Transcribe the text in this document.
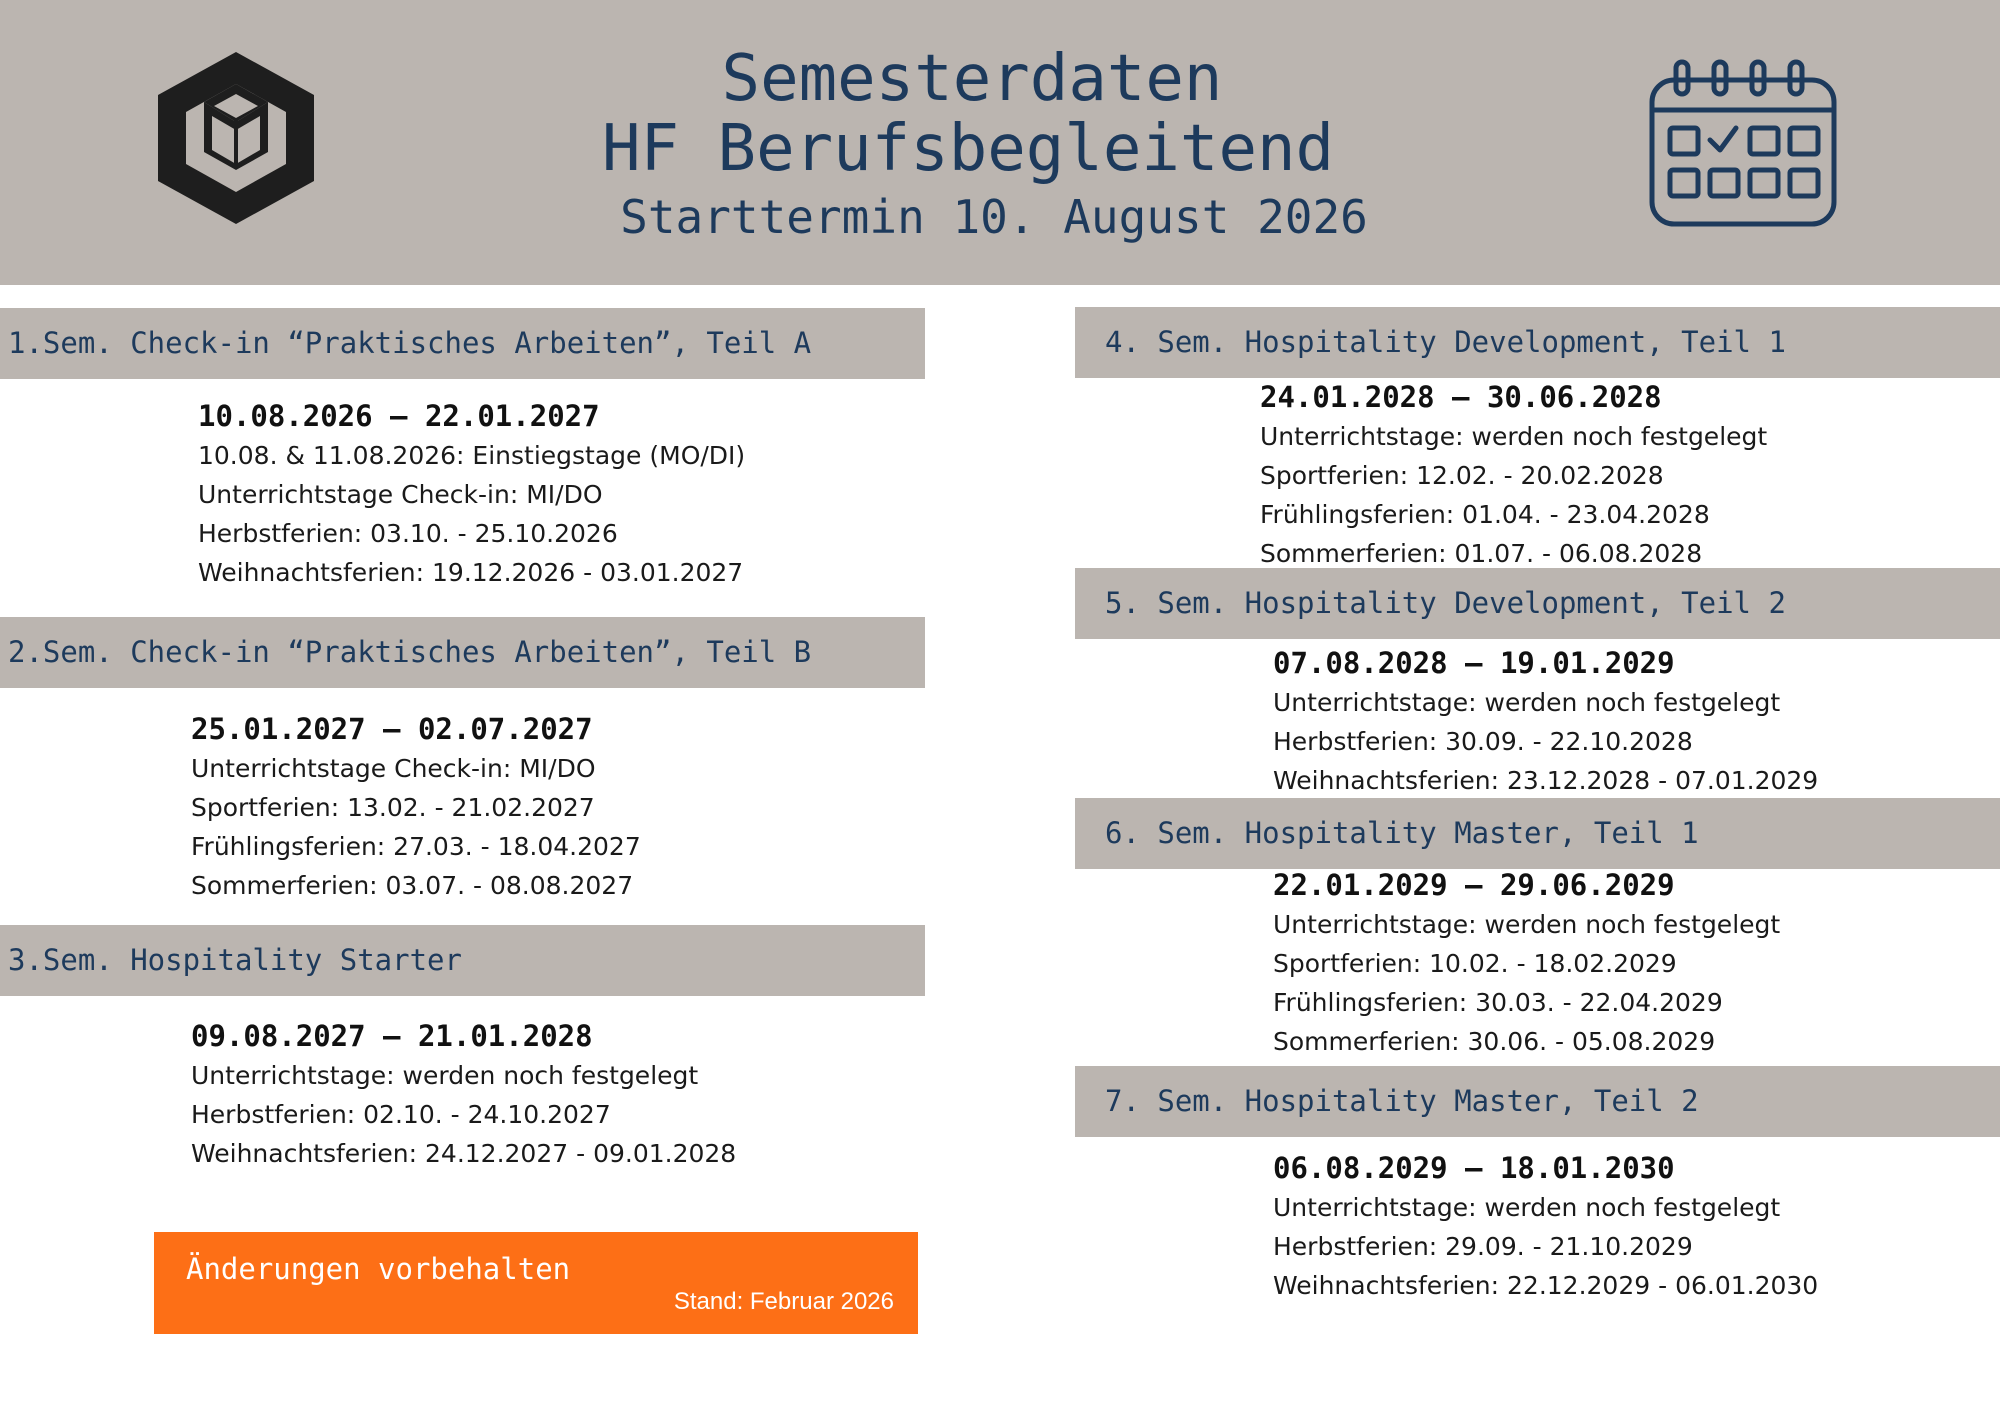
Semesterdaten
HF Berufsbegleitend
Starttermin 10. August 2026
1.Sem. Check-in “Praktisches Arbeiten”, Teil A
10.08.2026 – 22.01.2027
10.08. & 11.08.2026: Einstiegstage (MO/DI)
Unterrichtstage Check-in: MI/DO
Herbstferien: 03.10. - 25.10.2026
Weihnachtsferien: 19.12.2026 - 03.01.2027
2.Sem. Check-in “Praktisches Arbeiten”, Teil B
25.01.2027 – 02.07.2027
Unterrichtstage Check-in: MI/DO
Sportferien: 13.02. - 21.02.2027
Frühlingsferien: 27.03. - 18.04.2027
Sommerferien: 03.07. - 08.08.2027
3.Sem. Hospitality Starter
09.08.2027 – 21.01.2028
Unterrichtstage: werden noch festgelegt
Herbstferien: 02.10. - 24.10.2027
Weihnachtsferien: 24.12.2027 - 09.01.2028
Änderungen vorbehalten
Stand: Februar 2026
4. Sem. Hospitality Development, Teil 1
24.01.2028 – 30.06.2028
Unterrichtstage: werden noch festgelegt
Sportferien: 12.02. - 20.02.2028
Frühlingsferien: 01.04. - 23.04.2028
Sommerferien: 01.07. - 06.08.2028
5. Sem. Hospitality Development, Teil 2
07.08.2028 – 19.01.2029
Unterrichtstage: werden noch festgelegt
Herbstferien: 30.09. - 22.10.2028
Weihnachtsferien: 23.12.2028 - 07.01.2029
6. Sem. Hospitality Master, Teil 1
22.01.2029 – 29.06.2029
Unterrichtstage: werden noch festgelegt
Sportferien: 10.02. - 18.02.2029
Frühlingsferien: 30.03. - 22.04.2029
Sommerferien: 30.06. - 05.08.2029
7. Sem. Hospitality Master, Teil 2
06.08.2029 – 18.01.2030
Unterrichtstage: werden noch festgelegt
Herbstferien: 29.09. - 21.10.2029
Weihnachtsferien: 22.12.2029 - 06.01.2030
